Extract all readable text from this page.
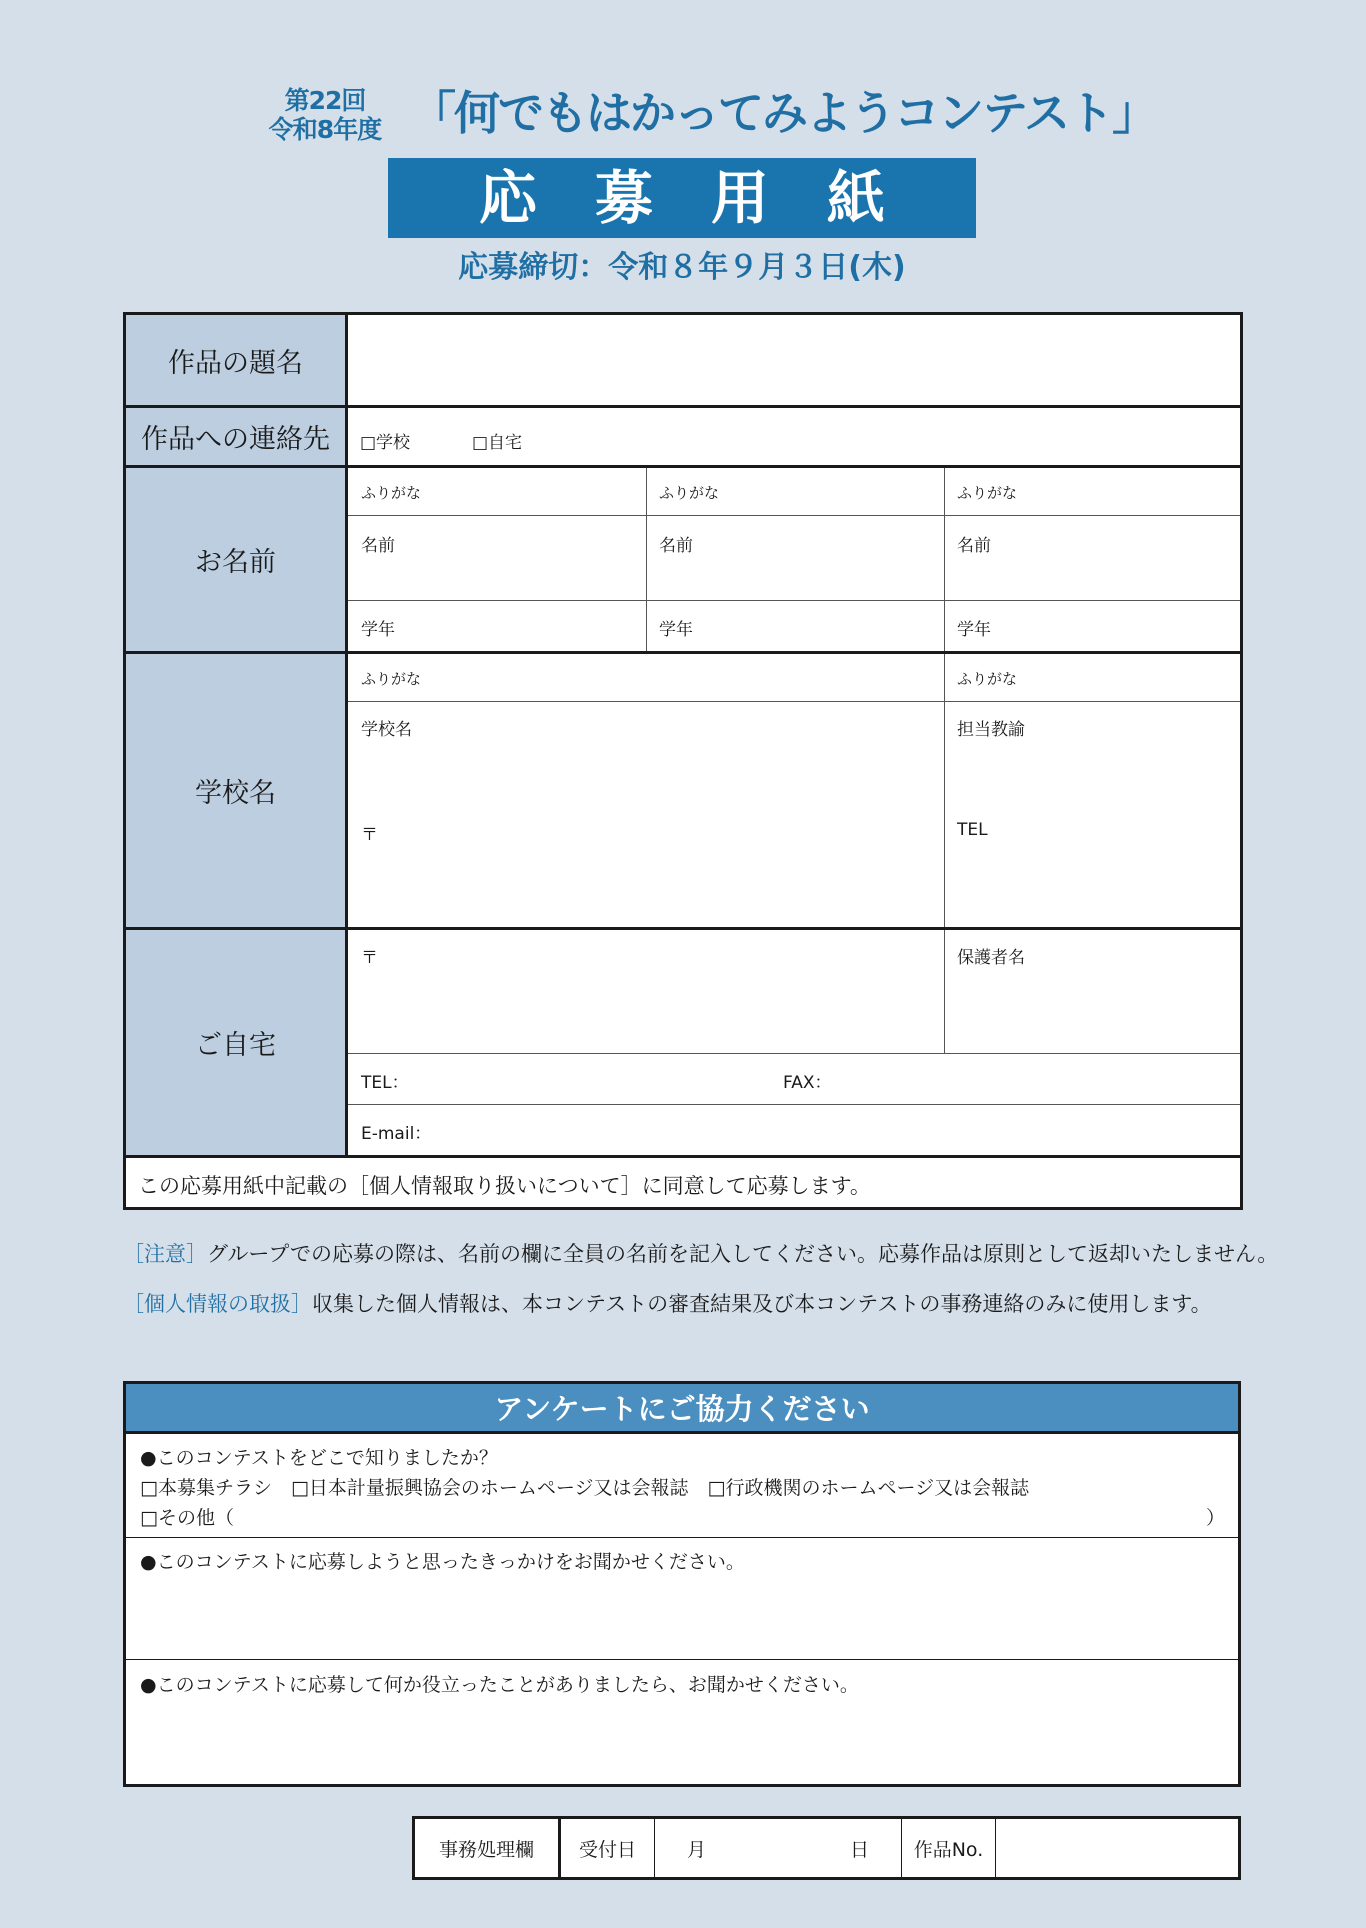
第22回
令和8年度 「何でもはかってみようコンテスト」
応募用紙
応募締切：令和８年９月３日(木)
作品の題名
作品への連絡先	□学校	□自宅
お名前
ふりがな	ふりがな	ふりがな
名前	名前	名前
学年	学年	学年
学校名
ふりがな	ふりがな
学校名	担当教諭
〒	TEL
ご自宅
〒	保護者名
TEL：	FAX：
E-mail：
この応募用紙中記載の［個人情報取り扱いについて］に同意して応募します。
［注意］グループでの応募の際は、名前の欄に全員の名前を記入してください。応募作品は原則として返却いたしません。
［個人情報の取扱］収集した個人情報は、本コンテストの審査結果及び本コンテストの事務連絡のみに使用します。
アンケートにご協力ください
●このコンテストをどこで知りましたか？
□本募集チラシ　□日本計量振興協会のホームページ又は会報誌　□行政機関のホームページ又は会報誌
□その他（	）
●このコンテストに応募しようと思ったきっかけをお聞かせください。
●このコンテストに応募して何か役立ったことがありましたら、お聞かせください。
事務処理欄 受付日	月	日 作品No.
